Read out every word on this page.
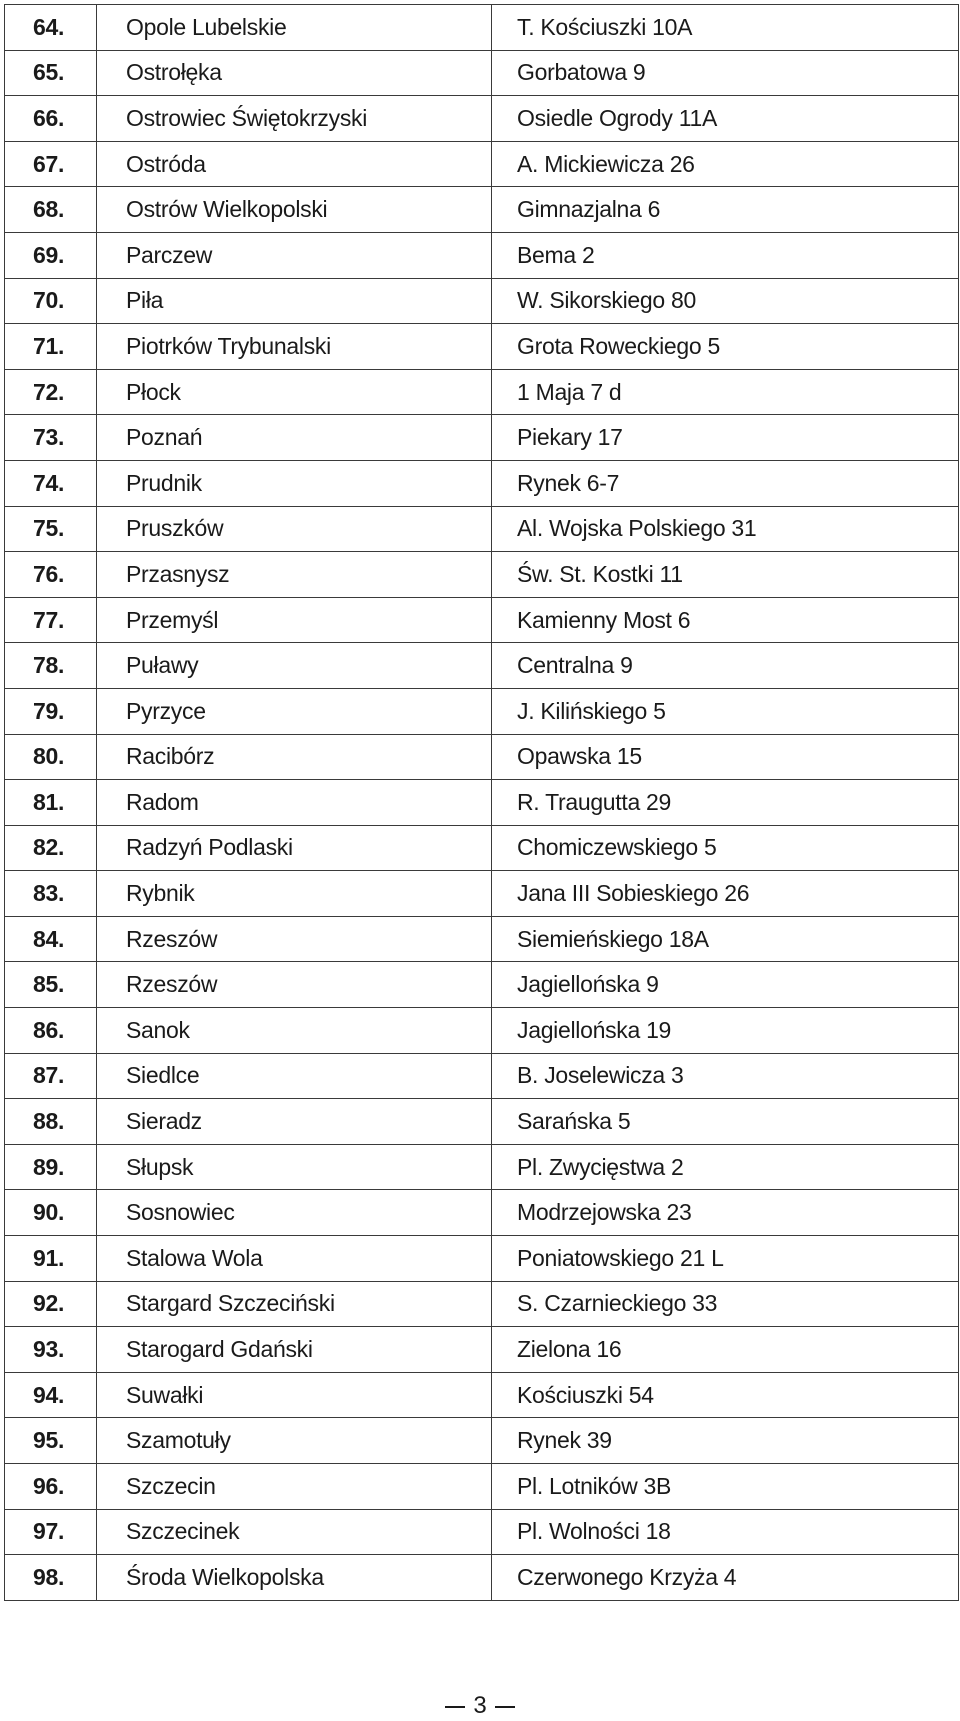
64.	Opole Lubelskie	T. Kościuszki 10A
65.	Ostrołęka	Gorbatowa 9
66.	Ostrowiec Świętokrzyski	Osiedle Ogrody 11A
67.	Ostróda	A. Mickiewicza 26
68.	Ostrów Wielkopolski	Gimnazjalna 6
69.	Parczew	Bema 2
70.	Piła	W. Sikorskiego 80
71.	Piotrków Trybunalski	Grota Roweckiego 5
72.	Płock	1 Maja 7 d
73.	Poznań	Piekary 17
74.	Prudnik	Rynek 6-7
75.	Pruszków	Al. Wojska Polskiego 31
76.	Przasnysz	Św. St. Kostki 11
77.	Przemyśl	Kamienny Most 6
78.	Puławy	Centralna 9
79.	Pyrzyce	J. Kilińskiego 5
80.	Racibórz	Opawska 15
81.	Radom	R. Traugutta 29
82.	Radzyń Podlaski	Chomiczewskiego 5
83.	Rybnik	Jana III Sobieskiego 26
84.	Rzeszów	Siemieńskiego 18A
85.	Rzeszów	Jagiellońska 9
86.	Sanok	Jagiellońska 19
87.	Siedlce	B. Joselewicza 3
88.	Sieradz	Sarańska 5
89.	Słupsk	Pl. Zwycięstwa 2
90.	Sosnowiec	Modrzejowska 23
91.	Stalowa Wola	Poniatowskiego 21 L
92.	Stargard Szczeciński	S. Czarnieckiego 33
93.	Starogard Gdański	Zielona 16
94.	Suwałki	Kościuszki 54
95.	Szamotuły	Rynek 39
96.	Szczecin	Pl. Lotników 3B
97.	Szczecinek	Pl. Wolności 18
98.	Środa Wielkopolska	Czerwonego Krzyża 4
3
